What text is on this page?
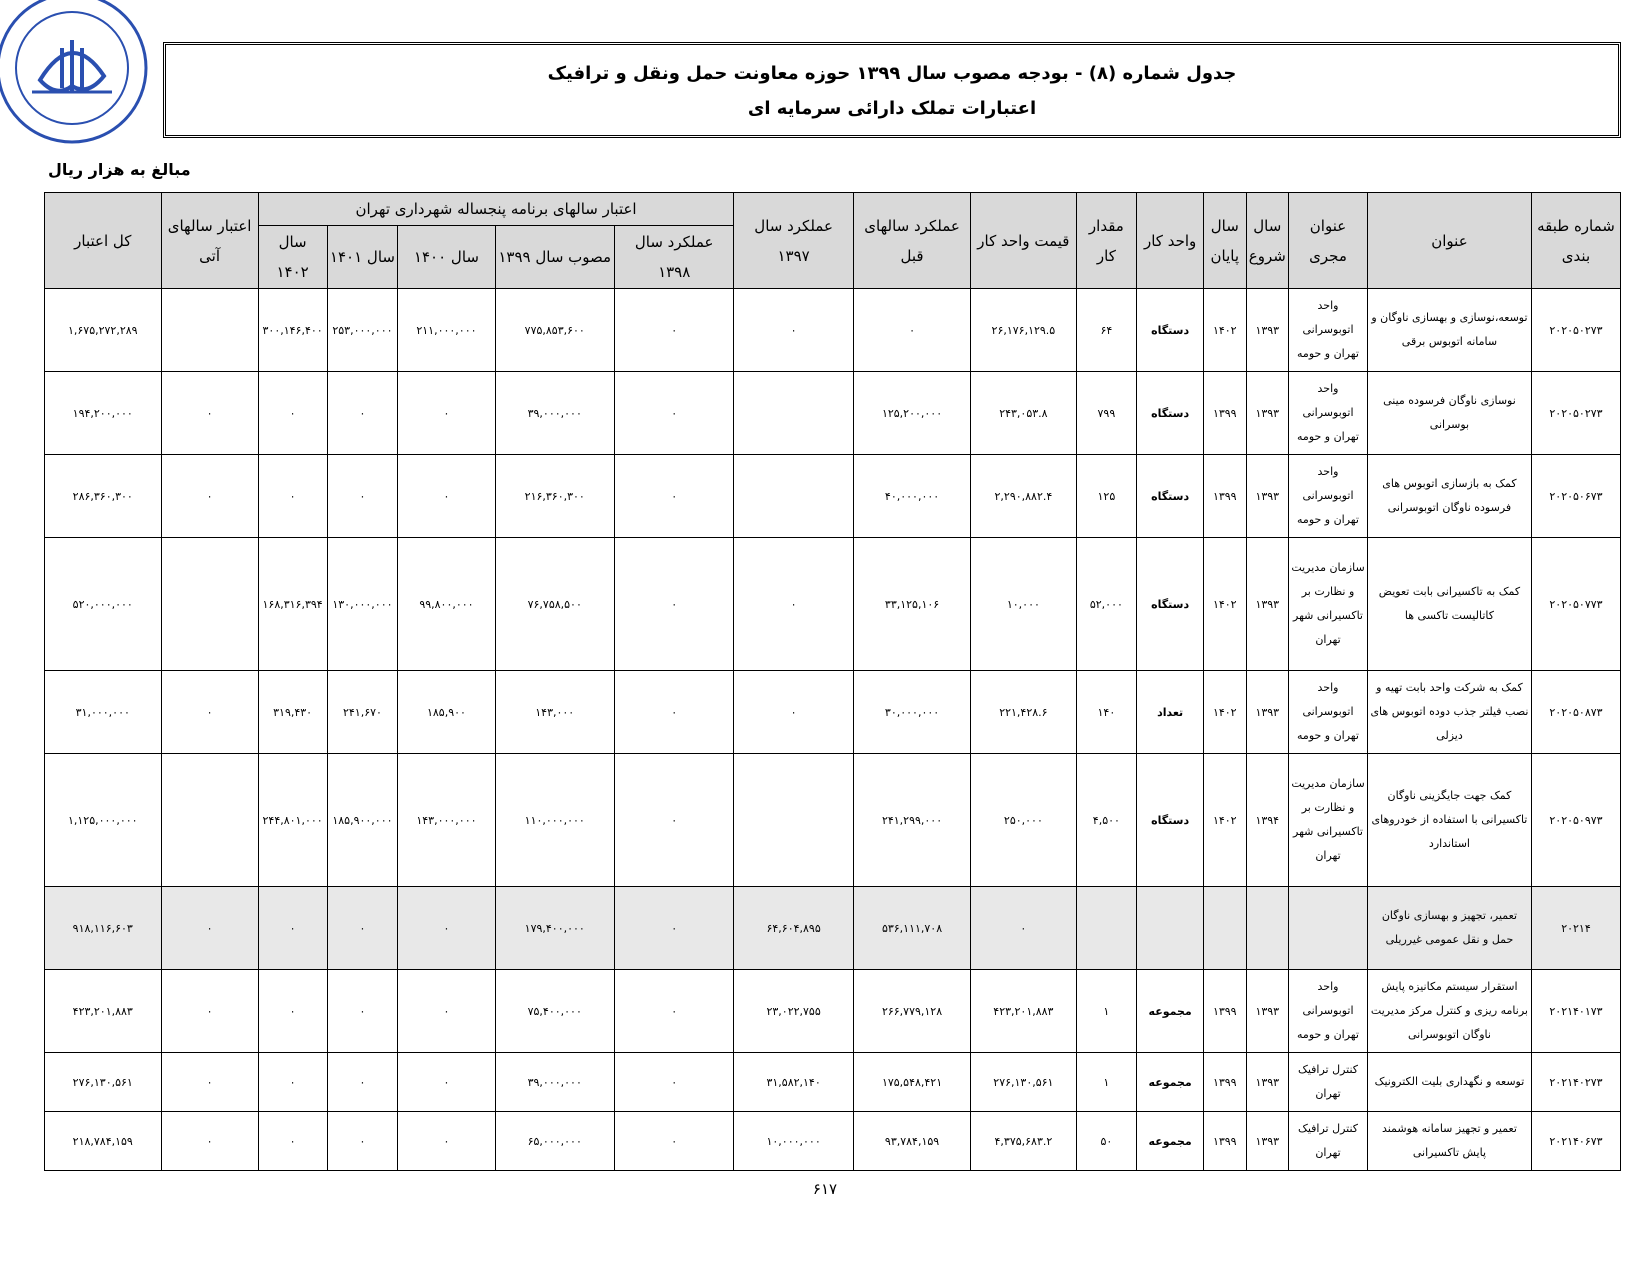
جدول شماره (۸) - بودجه مصوب سال ۱۳۹۹ حوزه معاونت حمل ونقل و ترافیک
اعتبارات تملک دارائی سرمایه ای
مبالغ به هزار ریال
شماره طبقه بندی	عنوان	عنوان مجری	سال شروع	سال پایان	واحد کار	مقدار کار	قیمت واحد کار	عملکرد سالهای قبل	عملکرد سال ۱۳۹۷	اعتبار سالهای برنامه پنجساله شهرداری تهران					اعتبار سالهای آتی	کل اعتبار
										عملکرد سال ۱۳۹۸	مصوب سال ۱۳۹۹	سال ۱۴۰۰	سال ۱۴۰۱	سال ۱۴۰۲		
۲۰۲۰۵۰۲۷۳	توسعه،نوسازی و بهسازی ناوگان و سامانه اتوبوس برقی	واحد اتوبوسرانی تهران و حومه	۱۳۹۳	۱۴۰۲	دستگاه	۶۴	۲۶,۱۷۶,۱۲۹.۵	۰	۰	۰	۷۷۵,۸۵۳,۶۰۰	۲۱۱,۰۰۰,۰۰۰	۲۵۳,۰۰۰,۰۰۰	۳۰۰,۱۴۶,۴۰۰		۱,۶۷۵,۲۷۲,۲۸۹
۲۰۲۰۵۰۲۷۳	نوسازی ناوگان فرسوده مینی بوسرانی	واحد اتوبوسرانی تهران و حومه	۱۳۹۳	۱۳۹۹	دستگاه	۷۹۹	۲۴۳,۰۵۳.۸	۱۲۵,۲۰۰,۰۰۰		۰	۳۹,۰۰۰,۰۰۰	۰	۰	۰	۰	۱۹۴,۲۰۰,۰۰۰
۲۰۲۰۵۰۶۷۳	کمک به بازسازی اتوبوس های فرسوده ناوگان اتوبوسرانی	واحد اتوبوسرانی تهران و حومه	۱۳۹۳	۱۳۹۹	دستگاه	۱۲۵	۲,۲۹۰,۸۸۲.۴	۴۰,۰۰۰,۰۰۰		۰	۲۱۶,۳۶۰,۳۰۰	۰	۰	۰	۰	۲۸۶,۳۶۰,۳۰۰
۲۰۲۰۵۰۷۷۳	کمک به تاکسیرانی بابت تعویض کاتالیست تاکسی ها	سازمان مدیریت و نظارت بر تاکسیرانی شهر تهران	۱۳۹۳	۱۴۰۲	دستگاه	۵۲,۰۰۰	۱۰,۰۰۰	۳۳,۱۲۵,۱۰۶	۰	۰	۷۶,۷۵۸,۵۰۰	۹۹,۸۰۰,۰۰۰	۱۳۰,۰۰۰,۰۰۰	۱۶۸,۳۱۶,۳۹۴		۵۲۰,۰۰۰,۰۰۰
۲۰۲۰۵۰۸۷۳	کمک به شرکت واحد بابت تهیه و نصب فیلتر جذب دوده اتوبوس های دیزلی	واحد اتوبوسرانی تهران و حومه	۱۳۹۳	۱۴۰۲	تعداد	۱۴۰	۲۲۱,۴۲۸.۶	۳۰,۰۰۰,۰۰۰	۰	۰	۱۴۳,۰۰۰	۱۸۵,۹۰۰	۲۴۱,۶۷۰	۳۱۹,۴۳۰	۰	۳۱,۰۰۰,۰۰۰
۲۰۲۰۵۰۹۷۳	کمک جهت جایگزینی ناوگان تاکسیرانی با استفاده از خودروهای استاندارد	سازمان مدیریت و نظارت بر تاکسیرانی شهر تهران	۱۳۹۴	۱۴۰۲	دستگاه	۴,۵۰۰	۲۵۰,۰۰۰	۲۴۱,۲۹۹,۰۰۰		۰	۱۱۰,۰۰۰,۰۰۰	۱۴۳,۰۰۰,۰۰۰	۱۸۵,۹۰۰,۰۰۰	۲۴۴,۸۰۱,۰۰۰		۱,۱۲۵,۰۰۰,۰۰۰
۲۰۲۱۴	تعمیر، تجهیز و بهسازی ناوگان حمل و نقل عمومی غیرریلی						۰	۵۳۶,۱۱۱,۷۰۸	۶۴,۶۰۴,۸۹۵	۰	۱۷۹,۴۰۰,۰۰۰	۰	۰	۰	۰	۹۱۸,۱۱۶,۶۰۳
۲۰۲۱۴۰۱۷۳	استقرار سیستم مکانیزه پایش برنامه ریزی و کنترل مرکز مدیریت ناوگان اتوبوسرانی	واحد اتوبوسرانی تهران و حومه	۱۳۹۳	۱۳۹۹	مجموعه	۱	۴۲۳,۲۰۱,۸۸۳	۲۶۶,۷۷۹,۱۲۸	۲۳,۰۲۲,۷۵۵	۰	۷۵,۴۰۰,۰۰۰	۰	۰	۰	۰	۴۲۳,۲۰۱,۸۸۳
۲۰۲۱۴۰۲۷۳	توسعه و نگهداری بلیت الکترونیک	کنترل ترافیک تهران	۱۳۹۳	۱۳۹۹	مجموعه	۱	۲۷۶,۱۳۰,۵۶۱	۱۷۵,۵۴۸,۴۲۱	۳۱,۵۸۲,۱۴۰	۰	۳۹,۰۰۰,۰۰۰	۰	۰	۰	۰	۲۷۶,۱۳۰,۵۶۱
۲۰۲۱۴۰۶۷۳	تعمیر و تجهیز سامانه هوشمند پایش تاکسیرانی	کنترل ترافیک تهران	۱۳۹۳	۱۳۹۹	مجموعه	۵۰	۴,۳۷۵,۶۸۳.۲	۹۳,۷۸۴,۱۵۹	۱۰,۰۰۰,۰۰۰	۰	۶۵,۰۰۰,۰۰۰	۰	۰	۰	۰	۲۱۸,۷۸۴,۱۵۹
۶۱۷
